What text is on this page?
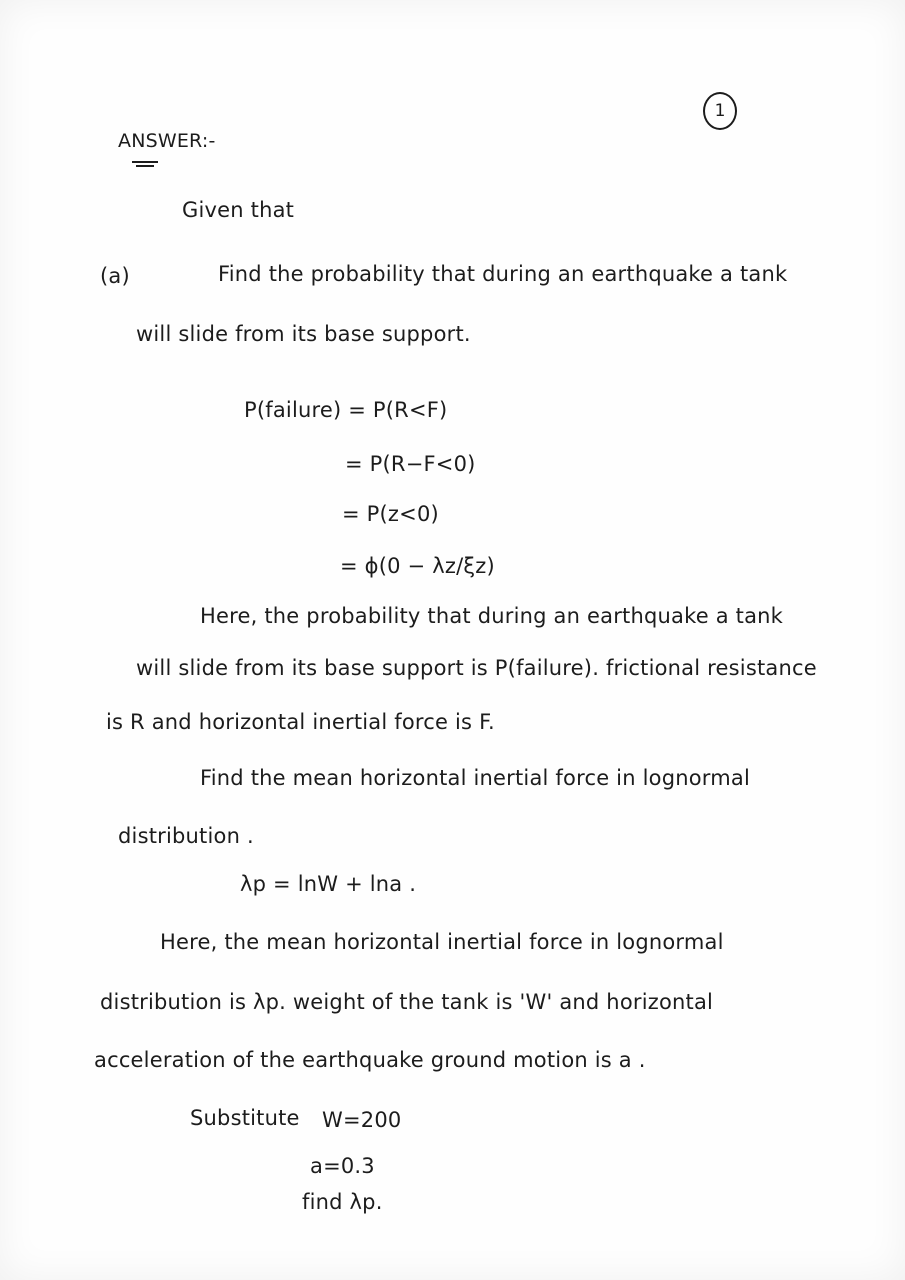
1
ANSWER:-
Given that
(a)	Find the probability that during an earthquake a tank
will slide from its base support.
P(failure) = P(R<F)
= P(R−F<0)
= P(z<0)
= ϕ(0 − λz/ξz)
Here, the probability that during an earthquake a tank
will slide from its base support is P(failure). frictional resistance
is R and horizontal inertial force is F.
Find the mean horizontal inertial force in lognormal
distribution .
λp = lnW + lna .
Here, the mean horizontal inertial force in lognormal
distribution is λp. weight of the tank is 'W' and horizontal
acceleration of the earthquake ground motion is a .
Substitute W=200
a=0.3
find λp.
